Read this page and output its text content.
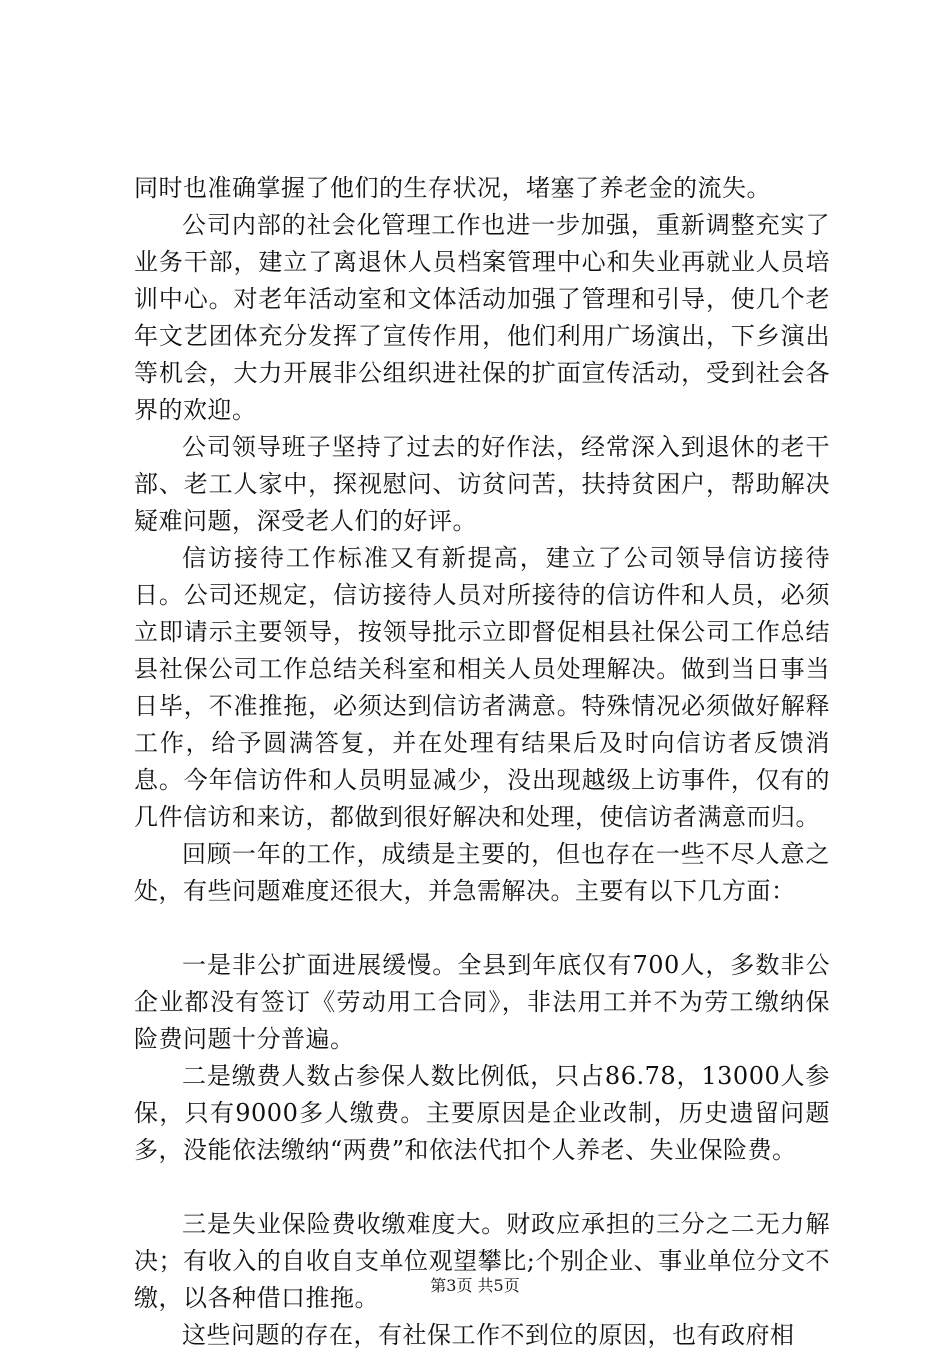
同时也准确掌握了他们的生存状况，堵塞了养老金的流失。

公司内部的社会化管理工作也进一步加强，重新调整充实了业务干部，建立了离退休人员档案管理中心和失业再就业人员培训中心。对老年活动室和文体活动加强了管理和引导，使几个老年文艺团体充分发挥了宣传作用，他们利用广场演出，下乡演出等机会，大力开展非公组织进社保的扩面宣传活动，受到社会各界的欢迎。

公司领导班子坚持了过去的好作法，经常深入到退休的老干部、老工人家中，探视慰问、访贫问苦，扶持贫困户，帮助解决疑难问题，深受老人们的好评。

信访接待工作标准又有新提高，建立了公司领导信访接待日。公司还规定，信访接待人员对所接待的信访件和人员，必须立即请示主要领导，按领导批示立即督促相县社保公司工作总结县社保公司工作总结关科室和相关人员处理解决。做到当日事当日毕，不准推拖，必须达到信访者满意。特殊情况必须做好解释工作，给予圆满答复，并在处理有结果后及时向信访者反馈消息。今年信访件和人员明显减少，没出现越级上访事件，仅有的几件信访和来访，都做到很好解决和处理，使信访者满意而归。

回顾一年的工作，成绩是主要的，但也存在一些不尽人意之处，有些问题难度还很大，并急需解决。主要有以下几方面：

一是非公扩面进展缓慢。全县到年底仅有700人，多数非公企业都没有签订《劳动用工合同》，非法用工并不为劳工缴纳保险费问题十分普遍。

二是缴费人数占参保人数比例低，只占86.78，13000人参保，只有9000多人缴费。主要原因是企业改制，历史遗留问题多，没能依法缴纳“两费”和依法代扣个人养老、失业保险费。

三是失业保险费收缴难度大。财政应承担的三分之二无力解决；有收入的自收自支单位观望攀比;个别企业、事业单位分文不缴，以各种借口推拖。

这些问题的存在，有社保工作不到位的原因，也有政府相

第3页 共5页
